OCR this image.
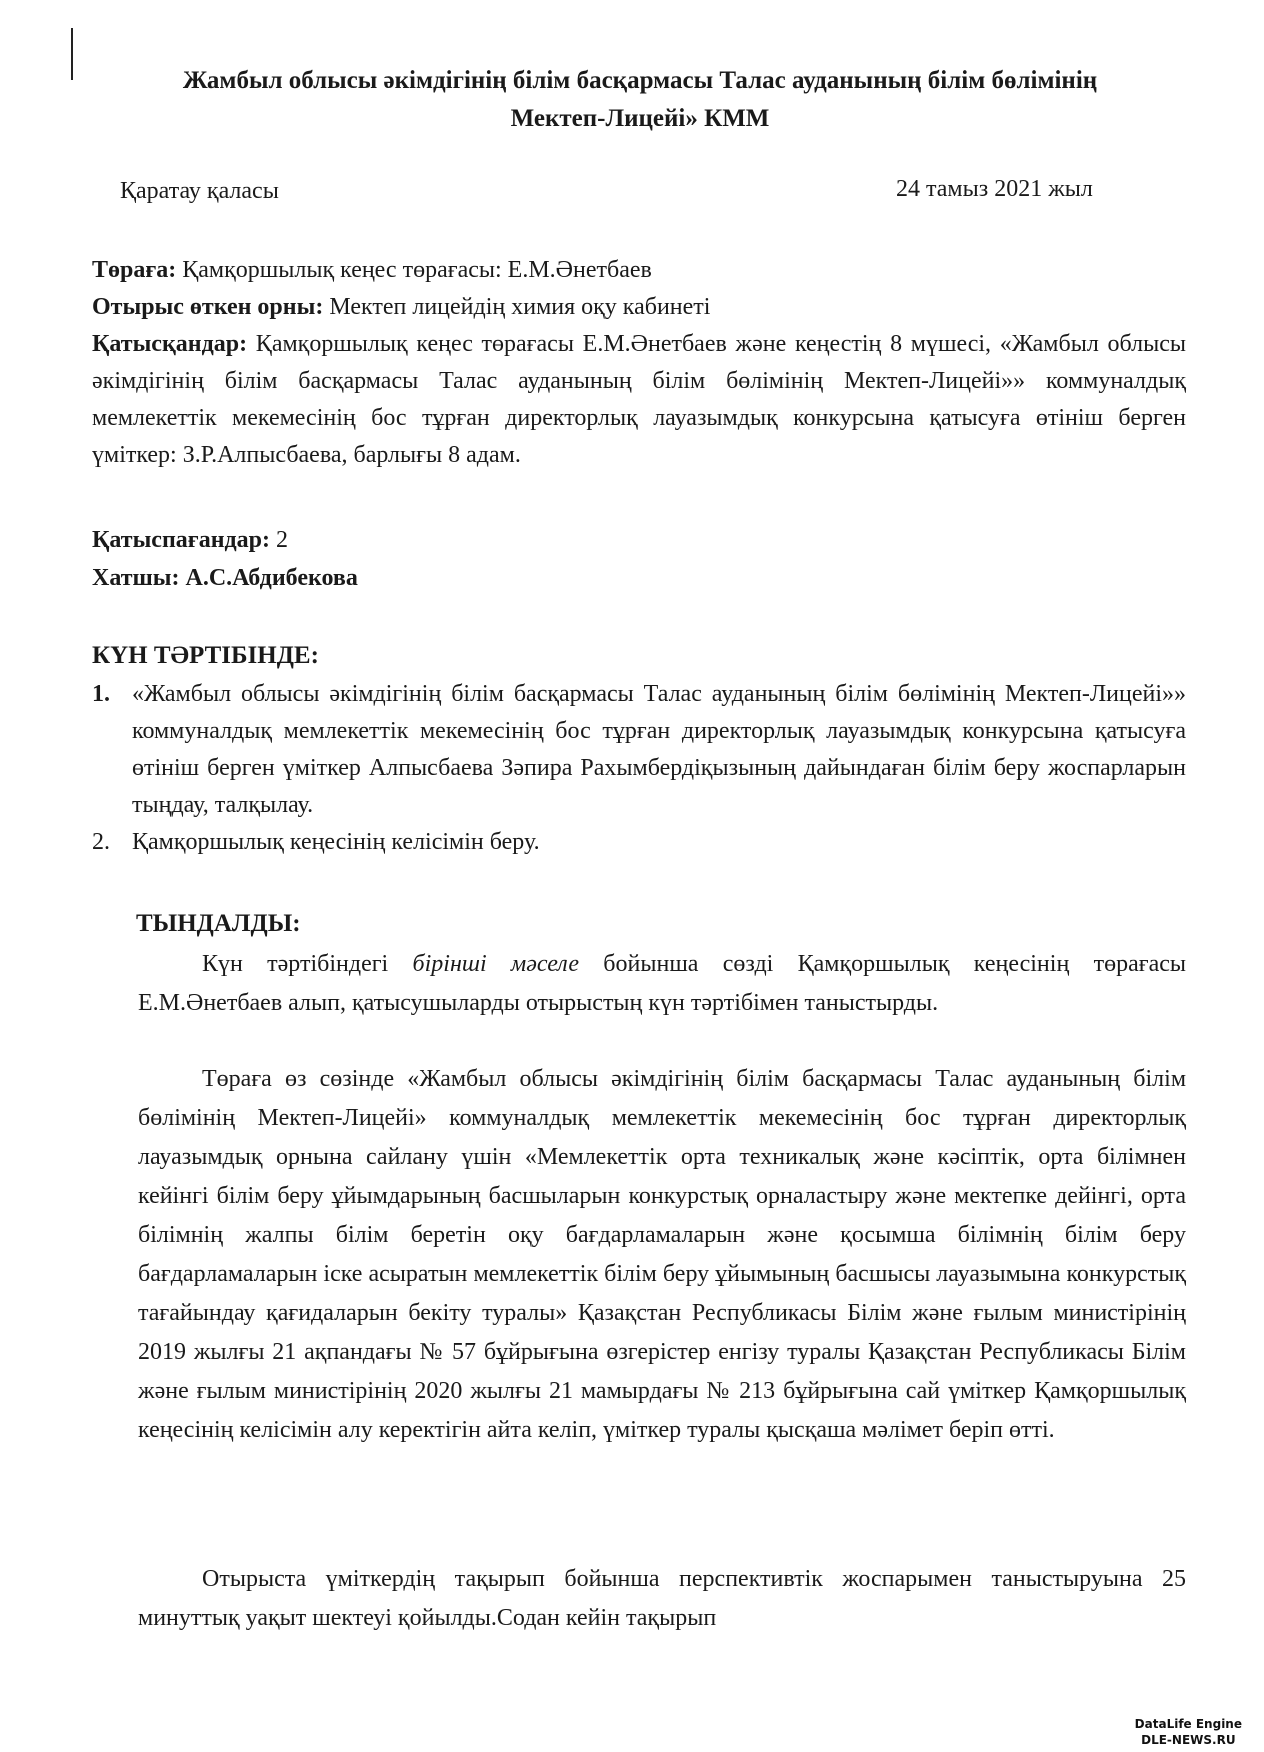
Жамбыл облысы әкімдігінің білім басқармасы Талас ауданының білім бөлімінің
Мектеп-Лицейі» КММ
Қаратау қаласы	24 тамыз 2021 жыл
Төраға: Қамқоршылық кеңес төрағасы: Е.М.Әнетбаев
Отырыс өткен орны: Мектеп лицейдің химия оқу кабинеті
Қатысқандар: Қамқоршылық кеңес төрағасы Е.М.Әнетбаев және кеңестің 8 мүшесі, «Жамбыл облысы әкімдігінің білім басқармасы Талас ауданының білім бөлімінің Мектеп-Лицейі»» коммуналдық мемлекеттік мекемесінің бос тұрған директорлық лауазымдық конкурсына қатысуға өтініш берген үміткер: З.Р.Алпысбаева, барлығы 8 адам.
Қатыспағандар: 2
Хатшы: А.С.Абдибекова
КҮН ТӘРТІБІНДЕ:
1. «Жамбыл облысы әкімдігінің білім басқармасы Талас ауданының білім бөлімінің Мектеп-Лицейі»» коммуналдық мемлекеттік мекемесінің бос тұрған директорлық лауазымдық конкурсына қатысуға өтініш берген үміткер Алпысбаева Зәпира Рахымбердіқызының дайындаған білім беру жоспарларын тыңдау, талқылау.
2. Қамқоршылық кеңесінің келісімін беру.
ТЫНДАЛДЫ:
Күн тәртібіндегі бірінші мәселе бойынша сөзді Қамқоршылық кеңесінің төрағасы Е.М.Әнетбаев алып, қатысушыларды отырыстың күн тәртібімен таныстырды.
Төраға өз сөзінде «Жамбыл облысы әкімдігінің білім басқармасы Талас ауданының білім бөлімінің Мектеп-Лицейі» коммуналдық мемлекеттік мекемесінің бос тұрған директорлық лауазымдық орнына сайлану үшін «Мемлекеттік орта техникалық және кәсіптік, орта білімнен кейінгі білім беру ұйымдарының басшыларын конкурстық орналастыру және мектепке дейінгі, орта білімнің жалпы білім беретін оқу бағдарламаларын және қосымша білімнің білім беру бағдарламаларын іске асыратын мемлекеттік білім беру ұйымының басшысы лауазымына конкурстық тағайындау қағидаларын бекіту туралы» Қазақстан Республикасы Білім және ғылым министірінің 2019 жылғы 21 ақпандағы № 57 бұйрығына өзгерістер енгізу туралы Қазақстан Республикасы Білім және ғылым министірінің 2020 жылғы 21 мамырдағы № 213 бұйрығына сай үміткер Қамқоршылық кеңесінің келісімін алу керектігін айта келіп, үміткер туралы қысқаша мәлімет беріп өтті.
Отырыста үміткердің тақырып бойынша перспективтік жоспарымен таныстыруына 25 минуттық уақыт шектеуі қойылды.Содан кейін тақырып
DataLife Engine
DLE-NEWS.RU
